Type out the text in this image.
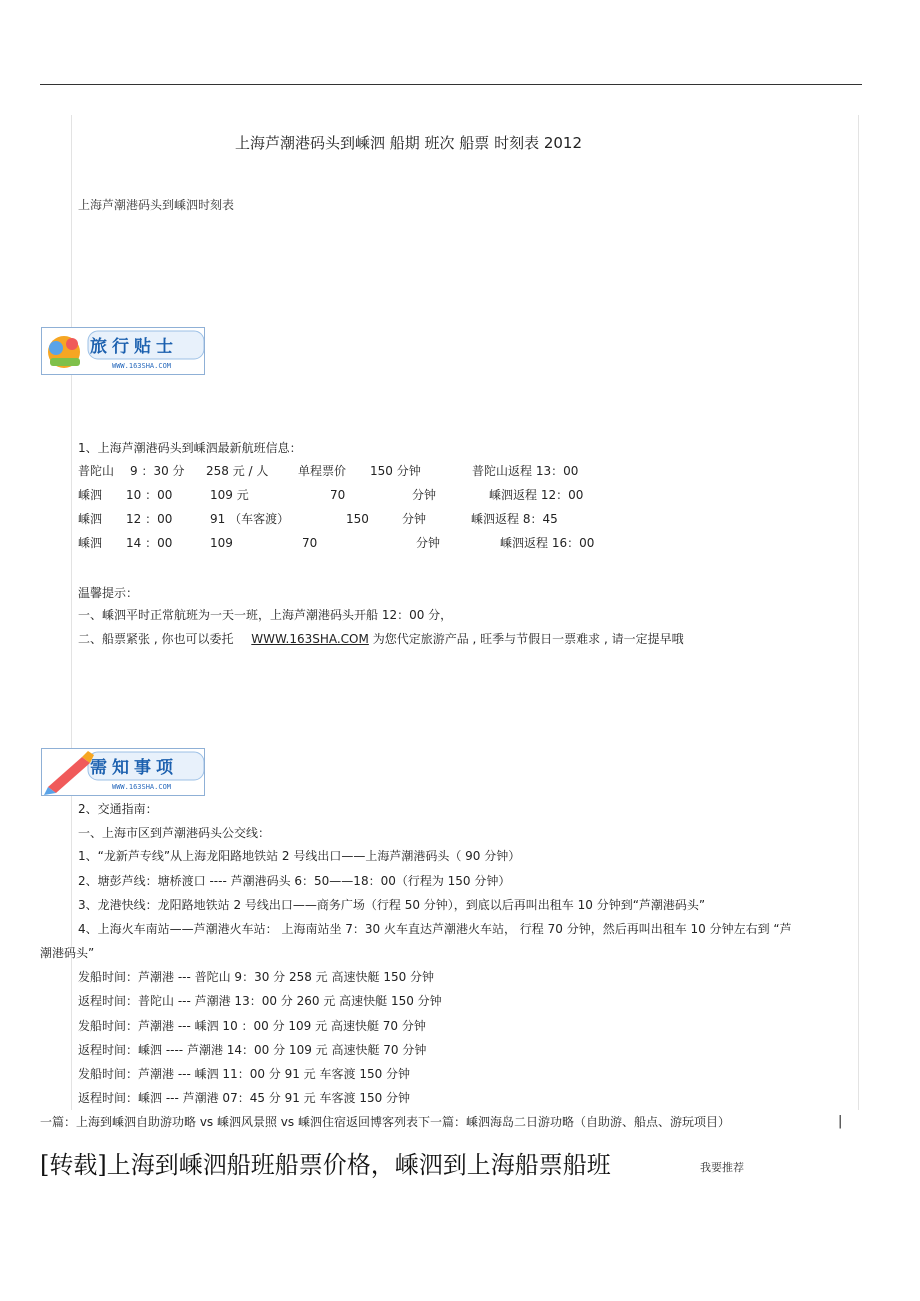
上海芦潮港码头到嵊泗 船期 班次 船票 时刻表 2012
上海芦潮港码头到嵊泗时刻表
旅行贴士
WWW.163SHA.COM
1、上海芦潮港码头到嵊泗最新航班信息：
普陀山 9 ：30 分 258 元 / 人 单程票价 150 分钟	普陀山返程 13：00
嵊泗 10 ：00	109 元	70	分钟	嵊泗返程 12：00
嵊泗 12 ：00	91 （车客渡）	150	分钟	嵊泗返程 8：45
嵊泗 14 ：00	109	70	分钟	嵊泗返程 16：00
温馨提示：
一、嵊泗平时正常航班为一天一班，上海芦潮港码头开船 12：00 分，
二、船票紧张 , 你也可以委托 WWW.163SHA.COM 为您代定旅游产品 , 旺季与节假日一票难求 , 请一定提早哦
需知事项
WWW.163SHA.COM
2、交通指南：
一、上海市区到芦潮港码头公交线：
1、“龙新芦专线”从上海龙阳路地铁站 2 号线出口——上海芦潮港码头（ 90 分钟）
2、塘彭芦线：塘桥渡口 ---- 芦潮港码头 6：50——18：00（行程为 150 分钟）
3、龙港快线：龙阳路地铁站 2 号线出口——商务广场（行程 50 分钟），到底以后再叫出租车 10 分钟到“芦潮港码头”
4、上海火车南站——芦潮港火车站： 上海南站坐 7：30 火车直达芦潮港火车站， 行程 70 分钟，然后再叫出租车 10 分钟左右到 “芦
潮港码头”
发船时间：芦潮港 --- 普陀山 9：30 分 258 元 高速快艇 150 分钟
返程时间：普陀山 --- 芦潮港 13：00 分 260 元 高速快艇 150 分钟
发船时间：芦潮港 --- 嵊泗 10 ：00 分 109 元 高速快艇 70 分钟
返程时间：嵊泗 ---- 芦潮港 14：00 分 109 元 高速快艇 70 分钟
发船时间：芦潮港 --- 嵊泗 11：00 分 91 元 车客渡 150 分钟
返程时间：嵊泗 --- 芦潮港 07：45 分 91 元 车客渡 150 分钟
一篇：上海到嵊泗自助游功略 vs 嵊泗风景照 vs 嵊泗住宿返回博客列表下一篇：嵊泗海岛二日游功略（自助游、船点、游玩项目）	|
[转载]上海到嵊泗船班船票价格，嵊泗到上海船票船班	我要推荐
